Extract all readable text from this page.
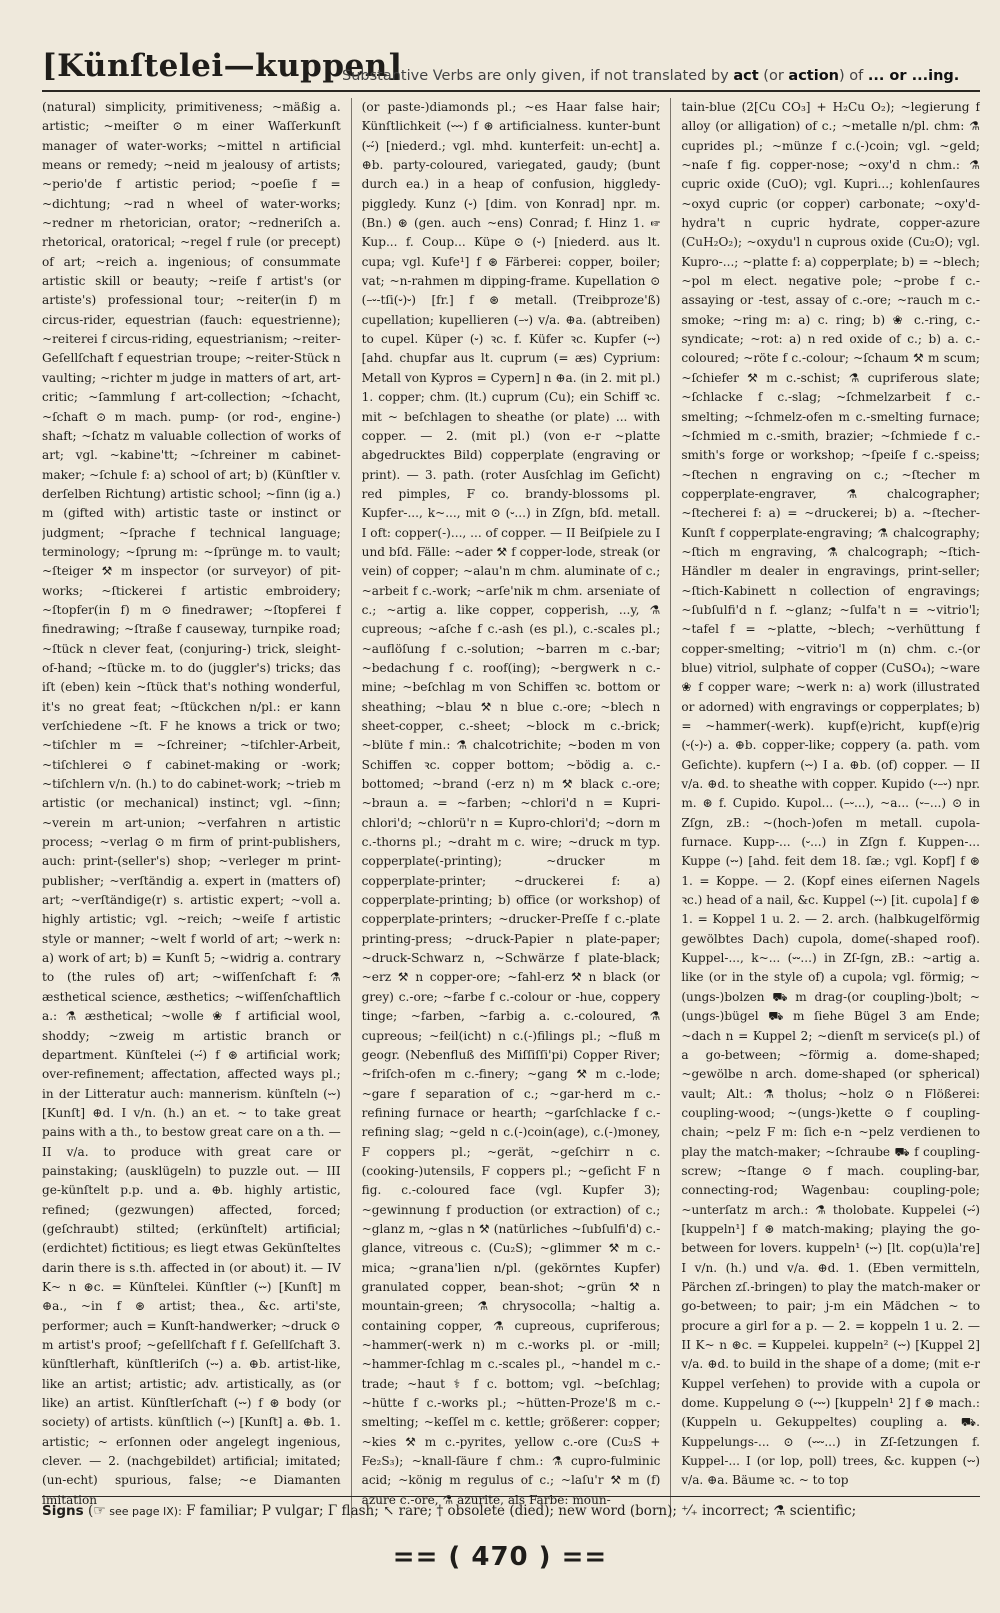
[Künſtelei—kuppen]
Substantive Verbs are only given, if not translated by act (or action) of ... or ...ing.

(natural) simplicity, primitiveness; ~mäßig a. artistic; ~meiſter ⊙ m einer Waſſerkunſt manager of water-works; ~mittel n artificial means or remedy; ~neid m jealousy of artists; ~perio'de f artistic period; ~poeſie f = ~dichtung; ~rad n wheel of water-works; ~redner m rhetorician, orator; ~redneriſch a. rhetorical, oratorical; ~regel f rule (or precept) of art; ~reich a. ingenious; of consummate artistic skill or beauty; ~reiſe f artist's (or artiste's) professional tour; ~reiter(in f) m circus-rider, equestrian (fauch: equestrienne); ~reiterei f circus-riding, equestrianism; ~reiter-Geſellſchaft f equestrian troupe; ~reiter-Stück n vaulting; ~richter m judge in matters of art, art-critic; ~ſammlung f art-collection; ~ſchacht, ~ſchaft ⊙ m mach. pump- (or rod-, engine-) shaft; ~ſchatz m valuable collection of works of art; vgl. ~kabine'tt; ~ſchreiner m cabinet-maker; ~ſchule f: a) school of art; b) (Künſtler v. derſelben Richtung) artistic school; ~ſinn (ig a.) m (gifted with) artistic taste or instinct or judgment; ~ſprache f technical language; terminology; ~ſprung m: ~ſprünge m. to vault; ~ſteiger ⚒ m inspector (or surveyor) of pit-works; ~ſtickerei f artistic embroidery; ~ſtopfer(in f) m ⊙ finedrawer; ~ſtopferei f finedrawing; ~ſtraße f causeway, turnpike road; ~ſtück n clever feat, (conjuring-) trick, sleight-of-hand; ~ſtücke m. to do (juggler's) tricks; das iſt (eben) kein ~ſtück that's nothing wonderful, it's no great feat; ~ſtückchen n/pl.: er kann verſchiedene ~ſt. F he knows a trick or two; ~tiſchler m = ~ſchreiner; ~tiſchler-Arbeit, ~tiſchlerei ⊙ f cabinet-making or -work; ~tiſchlern v/n. (h.) to do cabinet-work; ~trieb m artistic (or mechanical) instinct; vgl. ~ſinn; ~verein m art-union; ~verfahren n artistic process; ~verlag ⊙ m firm of print-publishers, auch: print-(seller's) shop; ~verleger m print-publisher; ~verſtändig a. expert in (matters of) art; ~verſtändige(r) s. artistic expert; ~voll a. highly artistic; vgl. ~reich; ~weiſe f artistic style or manner; ~welt f world of art; ~werk n: a) work of art; b) = Kunſt 5; ~widrig a. contrary to (the rules of) art; ~wiſſenſchaft f: ⚗ æsthetical science, æsthetics; ~wiſſenſchaftlich a.: ⚗ æsthetical; ~wolle ❀ f artificial wool, shoddy; ~zweig m artistic branch or department. Künſtelei (⏑⏑́) f ⊛ artificial work; over-refinement; affectation, affected ways pl.; in der Litteratur auch: mannerism. künſteln (⏑⏑) [Kunſt] ⊕d. I v/n. (h.) an et. ~ to take great pains with a th., to bestow great care on a th. — II v/a. to produce with great care or painstaking; (ausklügeln) to puzzle out. — III ge-künſtelt p.p. und a. ⊕b. highly artistic, refined; (gezwungen) affected, forced; (geſchraubt) stilted; (erkünſtelt) artificial; (erdichtet) fictitious; es liegt etwas Gekünſteltes darin there is s.th. affected in (or about) it. — IV K~ n ⊛c. = Künſtelei. Künſtler (⏑⏑) [Kunſt] m ⊕a., ~in f ⊛ artist; thea., &c. arti'ste, performer; auch = Kunſt-handwerker; ~druck ⊙ m artist's proof; ~geſellſchaft f f. Geſellſchaft 3. künſtlerhaft, künſtleriſch (⏑⏑) a. ⊕b. artist-like, like an artist; artistic; adv. artistically, as (or like) an artist. Künſtlerſchaft (⏑⏑) f ⊛ body (or society) of artists. künſtlich (⏑⏑) [Kunſt] a. ⊕b. 1. artistic; ~ erſonnen oder angelegt ingenious, clever. — 2. (nachgebildet) artificial; imitated; (un-echt) spurious, false; ~e Diamanten imitation

(or paste-)diamonds pl.; ~es Haar false hair; Künſtlichkeit (⏑⏑⏑) f ⊛ artificialness. kunter-bunt (⏑⏑́) [niederd.; vgl. mhd. kunterfeit: un-echt] a. ⊕b. party-coloured, variegated, gaudy; (bunt durch ea.) in a heap of confusion, higgledy-piggledy. Kunz (⏑) [dim. von Konrad] npr. m. (Bn.) ⊛ (gen. auch ~ens) Conrad; f. Hinz 1. ☞ Kup... f. Coup... Küpe ⊙ (⏑) [niederd. aus lt. cupa; vgl. Kufe¹] f ⊛ Färberei: copper, boiler; vat; ~n-rahmen m dipping-frame. Kupellation ⊙ (–⏑-tſi(⏑)⏑) [fr.] f ⊛ metall. (Treibproze'ß) cupellation; kupellieren (–⏑) v/a. ⊕a. (abtreiben) to cupel. Küper (⏑) ꝛc. f. Küfer ꝛc. Kupfer (⏑⏑) [ahd. chupfar aus lt. cuprum (= æs) Cyprium: Metall von Kypros = Cypern] n ⊕a. (in 2. mit pl.) 1. copper; chm. (lt.) cuprum (Cu); ein Schiff ꝛc. mit ~ beſchlagen to sheathe (or plate) ... with copper. — 2. (mit pl.) (von e-r ~platte abgedrucktes Bild) copperplate (engraving or print). — 3. path. (roter Ausſchlag im Geſicht) red pimples, F co. brandy-blossoms pl. Kupfer-..., k~..., mit ⊙ (⏑...) in Zſgn, bſd. metall. I oft: copper(-)..., ... of copper. — II Beiſpiele zu I und bſd. Fälle: ~ader ⚒ f copper-lode, streak (or vein) of copper; ~alau'n m chm. aluminate of c.; ~arbeit f c.-work; ~arſe'nik m chm. arseniate of c.; ~artig a. like copper, copperish, ...y, ⚗ cupreous; ~aſche f c.-ash (es pl.), c.-scales pl.; ~auflöſung f c.-solution; ~barren m c.-bar; ~bedachung f c. roof(ing); ~bergwerk n c.-mine; ~beſchlag m von Schiffen ꝛc. bottom or sheathing; ~blau ⚒ n blue c.-ore; ~blech n sheet-copper, c.-sheet; ~block m c.-brick; ~blüte f min.: ⚗ chalcotrichite; ~boden m von Schiffen ꝛc. copper bottom; ~bödig a. c.-bottomed; ~brand (-erz n) m ⚒ black c.-ore; ~braun a. = ~farben; ~chlori'd n = Kupri-chlori'd; ~chlorü'r n = Kupro-chlori'd; ~dorn m c.-thorns pl.; ~draht m c. wire; ~druck m typ. copperplate(-printing); ~drucker m copperplate-printer; ~druckerei f: a) copperplate-printing; b) office (or workshop) of copperplate-printers; ~drucker-Preſſe f c.-plate printing-press; ~druck-Papier n plate-paper; ~druck-Schwarz n, ~Schwärze f plate-black; ~erz ⚒ n copper-ore; ~fahl-erz ⚒ n black (or grey) c.-ore; ~farbe f c.-colour or -hue, coppery tinge; ~farben, ~farbig a. c.-coloured, ⚗ cupreous; ~feil(icht) n c.(-)filings pl.; ~fluß m geogr. (Nebenfluß des Miſſiſſi'pi) Copper River; ~friſch-ofen m c.-finery; ~gang ⚒ m c.-lode; ~gare f separation of c.; ~gar-herd m c.-refining furnace or hearth; ~garſchlacke f c.-refining slag; ~geld n c.(-)coin(age), c.(-)money, F coppers pl.; ~gerät, ~geſchirr n c. (cooking-)utensils, F coppers pl.; ~geſicht F n fig. c.-coloured face (vgl. Kupfer 3); ~gewinnung f production (or extraction) of c.; ~glanz m, ~glas n ⚒ (natürliches ~ſubſulfi'd) c.-glance, vitreous c. (Cu₂S); ~glimmer ⚒ m c.-mica; ~grana'lien n/pl. (gekörntes Kupfer) granulated copper, bean-shot; ~grün ⚒ n mountain-green; ⚗ chrysocolla; ~haltig a. containing copper, ⚗ cupreous, cupriferous; ~hammer(-werk n) m c.-works pl. or -mill; ~hammer-ſchlag m c.-scales pl., ~handel m c.-trade; ~haut ⚕ f c. bottom; vgl. ~beſchlag; ~hütte f c.-works pl.; ~hütten-Proze'ß m c.-smelting; ~keſſel m c. kettle; größerer: copper; ~kies ⚒ m c.-pyrites, yellow c.-ore (Cu₂S + Fe₂S₃); ~knall-ſäure f chm.: ⚗ cupro-fulminic acid; ~könig m regulus of c.; ~laſu'r ⚒ m (f) azure c.-ore, ⚗ azurite, als Farbe: moun-

tain-blue (2[Cu CO₃] + H₂Cu O₂); ~legierung f alloy (or alligation) of c.; ~metalle n/pl. chm: ⚗ cuprides pl.; ~münze f c.(-)coin; vgl. ~geld; ~naſe f fig. copper-nose; ~oxy'd n chm.: ⚗ cupric oxide (CuO); vgl. Kupri...; kohlenſaures ~oxyd cupric (or copper) carbonate; ~oxy'd-hydra't n cupric hydrate, copper-azure (CuH₂O₂); ~oxydu'l n cuprous oxide (Cu₂O); vgl. Kupro-...; ~platte f: a) copperplate; b) = ~blech; ~pol m elect. negative pole; ~probe f c.-assaying or -test, assay of c.-ore; ~rauch m c.-smoke; ~ring m: a) c. ring; b) ❀ c.-ring, c.-syndicate; ~rot: a) n red oxide of c.; b) a. c.-coloured; ~röte f c.-colour; ~ſchaum ⚒ m scum; ~ſchiefer ⚒ m c.-schist; ⚗ cupriferous slate; ~ſchlacke f c.-slag; ~ſchmelzarbeit f c.-smelting; ~ſchmelz-ofen m c.-smelting furnace; ~ſchmied m c.-smith, brazier; ~ſchmiede f c.-smith's forge or workshop; ~ſpeiſe f c.-speiss; ~ſtechen n engraving on c.; ~ſtecher m copperplate-engraver, ⚗ chalcographer; ~ſtecherei f: a) = ~druckerei; b) a. ~ſtecher-Kunſt f copperplate-engraving; ⚗ chalcography; ~ſtich m engraving, ⚗ chalcograph; ~ſtich-Händler m dealer in engravings, print-seller; ~ſtich-Kabinett n collection of engravings; ~ſubſulfi'd n f. ~glanz; ~ſulfa't n = ~vitrio'l; ~tafel f = ~platte, ~blech; ~verhüttung f copper-smelting; ~vitrio'l m (n) chm. c.-(or blue) vitriol, sulphate of copper (CuSO₄); ~ware ❀ f copper ware; ~werk n: a) work (illustrated or adorned) with engravings or copperplates; b) = ~hammer(-werk). kupf(e)richt, kupf(e)rig (⏑(⏑)⏑) a. ⊕b. copper-like; coppery (a. path. vom Geſichte). kupfern (⏑⏑) I a. ⊕b. (of) copper. — II v/a. ⊕d. to sheathe with copper. Kupido (⏑–⏑) npr. m. ⊛ f. Cupido. Kupol... (–⏑...), ~a... (⏑–...) ⊙ in Zſgn, zB.: ~(hoch-)ofen m metall. cupola-furnace. Kupp-... (⏑...) in Zſgn f. Kuppen-... Kuppe (⏑⏑) [ahd. feit dem 18. ſæ.; vgl. Kopf] f ⊛ 1. = Koppe. — 2. (Kopf eines eiſernen Nagels ꝛc.) head of a nail, &c. Kuppel (⏑⏑) [it. cupola] f ⊛ 1. = Koppel 1 u. 2. — 2. arch. (halbkugelförmig gewölbtes Dach) cupola, dome(-shaped roof). Kuppel-..., k~... (⏑⏑...) in Zſ-ſgn, zB.: ~artig a. like (or in the style of) a cupola; vgl. förmig; ~(ungs-)bolzen ⛟ m drag-(or coupling-)bolt; ~(ungs-)bügel ⛟ m ſiehe Bügel 3 am Ende; ~dach n = Kuppel 2; ~dienſt m service(s pl.) of a go-between; ~förmig a. dome-shaped; ~gewölbe n arch. dome-shaped (or spherical) vault; Alt.: ⚗ tholus; ~holz ⊙ n Flößerei: coupling-wood; ~(ungs-)kette ⊙ f coupling-chain; ~pelz F m: ſich e-n ~pelz verdienen to play the match-maker; ~ſchraube ⛟ f coupling-screw; ~ſtange ⊙ f mach. coupling-bar, connecting-rod; Wagenbau: coupling-pole; ~unterſatz m arch.: ⚗ tholobate. Kuppelei (⏑⏑́) [kuppeln¹] f ⊛ match-making; playing the go-between for lovers. kuppeln¹ (⏑⏑) [lt. cop(u)la're] I v/n. (h.) und v/a. ⊕d. 1. (Eben vermitteln, Pärchen zſ.-bringen) to play the match-maker or go-between; to pair; j-m ein Mädchen ~ to procure a girl for a p. — 2. = koppeln 1 u. 2. — II K~ n ⊛c. = Kuppelei. kuppeln² (⏑⏑) [Kuppel 2] v/a. ⊕d. to build in the shape of a dome; (mit e-r Kuppel verſehen) to provide with a cupola or dome. Kuppelung ⊙ (⏑⏑⏑) [kuppeln¹ 2] f ⊛ mach.: (Kuppeln u. Gekuppeltes) coupling a. ⛟. Kuppelungs-... ⊙ (⏑⏑⏑...) in Zſ-ſetzungen f. Kuppel-... I (or lop, poll) trees, &c. kuppen (⏑⏑) v/a. ⊕a. Bäume ꝛc. ~ to top

Signs (☞ see page IX): F familiar; P vulgar; Γ flash; ↖ rare; † obsolete (died); new word (born); ⁺⁄₊ incorrect; ⚗ scientific;
== ( 470 ) ==
